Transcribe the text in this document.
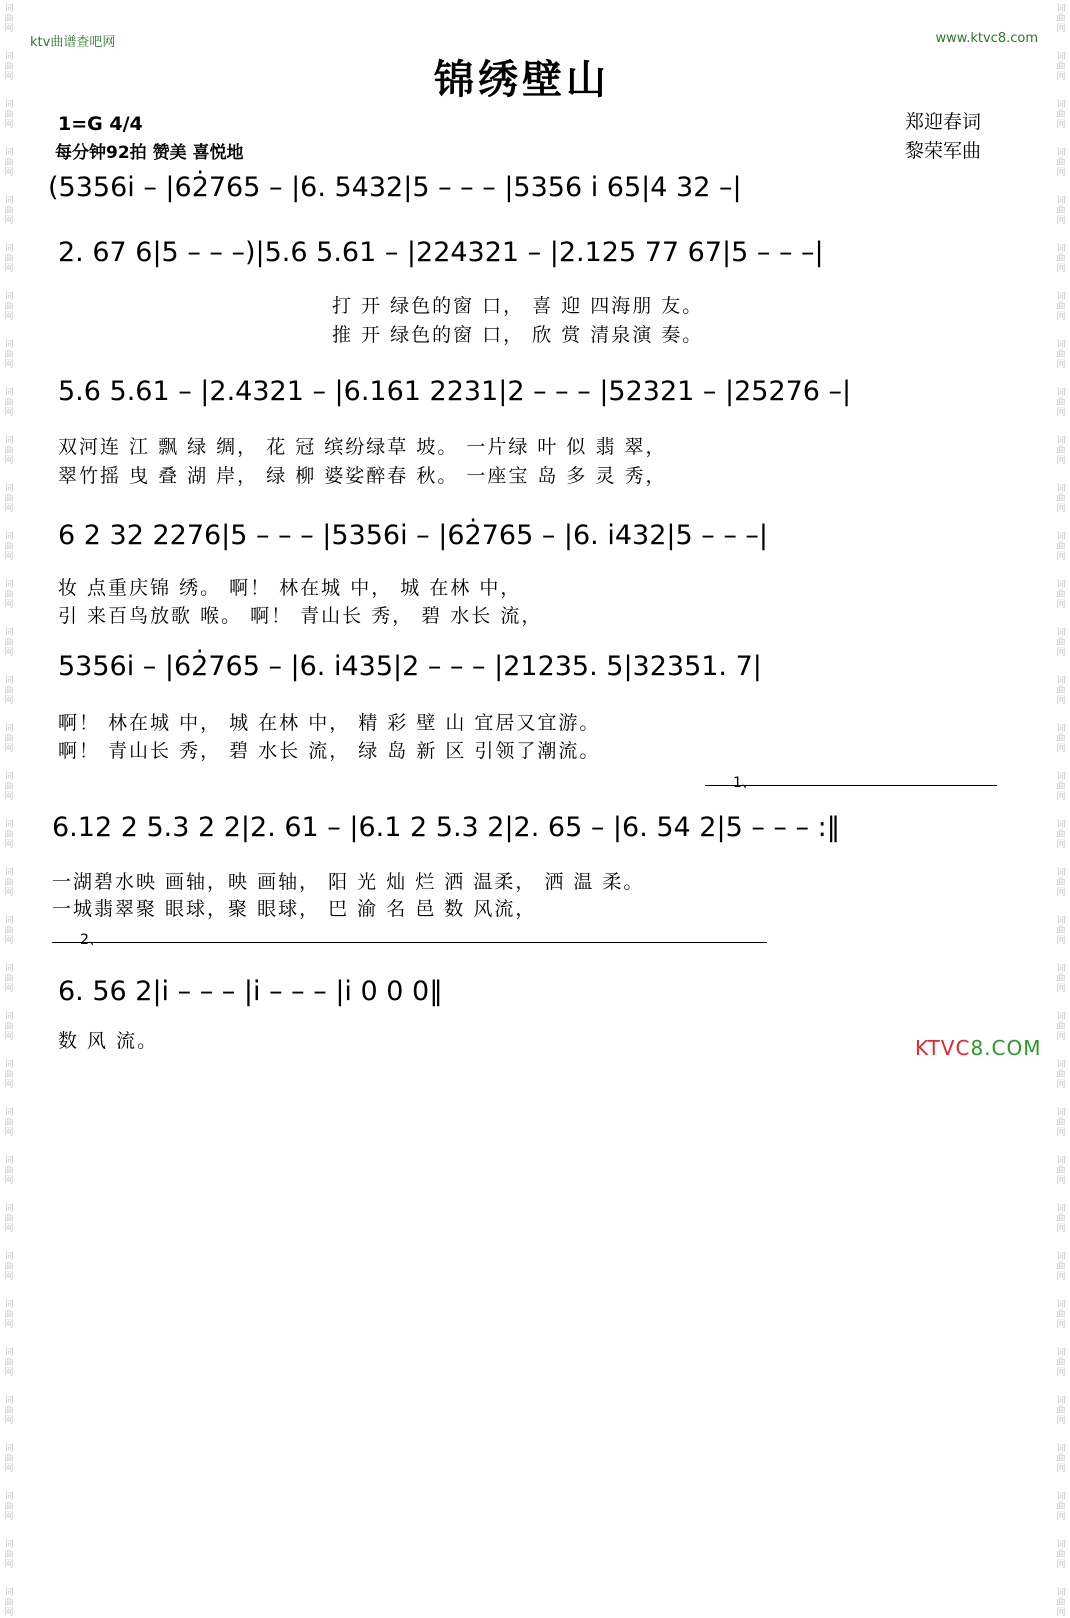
词
曲
网
词
曲
网
词
曲
网
词
曲
网
词
曲
网
词
曲
网
词
曲
网
词
曲
网
词
曲
网
词
曲
网
词
曲
网
词
曲
网
词
曲
网
词
曲
网
词
曲
网
词
曲
网
词
曲
网
词
曲
网
词
曲
网
词
曲
网
词
曲
网
词
曲
网
词
曲
网
词
曲
网
词
曲
网
词
曲
网
词
曲
网
词
曲
网
词
曲
网
词
曲
网
词
曲
网
词
曲
网
词
曲
网
词
曲
网
词
曲
网
词
曲
网
词
曲
网
词
曲
网
词
曲
网
词
曲
网
词
曲
网
词
曲
网
词
曲
网
词
曲
网
词
曲
网
词
曲
网
词
曲
网
词
曲
网
词
曲
网
词
曲
网
词
曲
网
词
曲
网
词
曲
网
词
曲
网
词
曲
网
词
曲
网
词
曲
网
词
曲
网
词
曲
网
词
曲
网
词
曲
网
词
曲
网
词
曲
网
词
曲
网
词
曲
网
词
曲
网
词
曲
网
词
曲
网
ktv曲谱查吧网	www.ktvc8.com
锦绣壁山
1=G 4/4
每分钟92拍 赞美 喜悦地
郑迎春词
黎荣军曲
(5356i̇ – |62̇765 – |6. 5432|5 – – – |5356 i̇ 65|4 32 –|
2. 67 6|5 – – –)|5.6 5.61 – |224321 – |2.125 77 67|5 – – –|
打 开 绿色的窗 口， 喜 迎 四海朋 友。
推 开 绿色的窗 口， 欣 赏 清泉演 奏。
5.6 5.61 – |2.4321 – |6.161 2231|2 – – – |52321 – |25276 –|
双河连 江 飘 绿 绸， 花 冠 缤纷绿草 坡。 一片绿 叶 似 翡 翠，
翠竹摇 曳 叠 湖 岸， 绿 柳 婆娑醉春 秋。 一座宝 岛 多 灵 秀，
6 2 32 2276|5 – – – |5356i̇ – |62̇765 – |6. i̇432|5 – – –|
妆 点重庆锦 绣。 啊！ 林在城 中， 城 在林 中，
引 来百鸟放歌 喉。 啊！ 青山长 秀， 碧 水长 流，
5356i̇ – |62̇765 – |6. i̇435|2 – – – |21235. 5|32351. 7|
啊！ 林在城 中， 城 在林 中， 精 彩 壁 山 宜居又宜游。
啊！ 青山长 秀， 碧 水长 流， 绿 岛 新 区 引领了潮流。
1、
6.12 2 5.3 2 2|2. 61 – |6.1 2 5.3 2|2. 65 – |6. 54 2|5 – – – :‖
一湖碧水映 画轴，映 画轴， 阳 光 灿 烂 洒 温柔， 洒 温 柔。
一城翡翠聚 眼球，聚 眼球， 巴 渝 名 邑 数 风流，
2、
6. 56 2|i̇ – – – |i̇ – – – |i̇ 0 0 0‖
数 风 流。	KTVC8.COM
